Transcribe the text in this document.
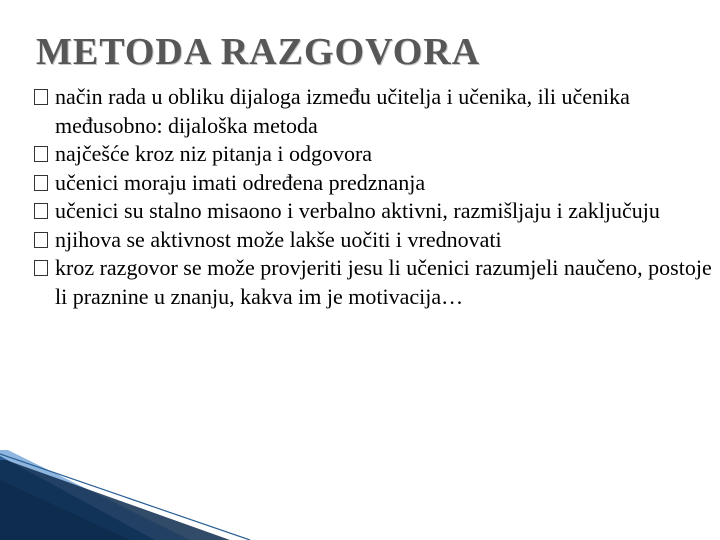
METODA RAZGOVORA
način rada u obliku dijaloga između učitelja i učenika, ili učenika međusobno: dijaloška metoda
najčešće kroz niz pitanja i odgovora
učenici moraju imati određena predznanja
učenici su stalno misaono i verbalno aktivni, razmišljaju i zaključuju
njihova se aktivnost može lakše uočiti i vrednovati
kroz razgovor se može provjeriti jesu li učenici razumjeli naučeno, postoje li praznine u znanju, kakva im je motivacija…
